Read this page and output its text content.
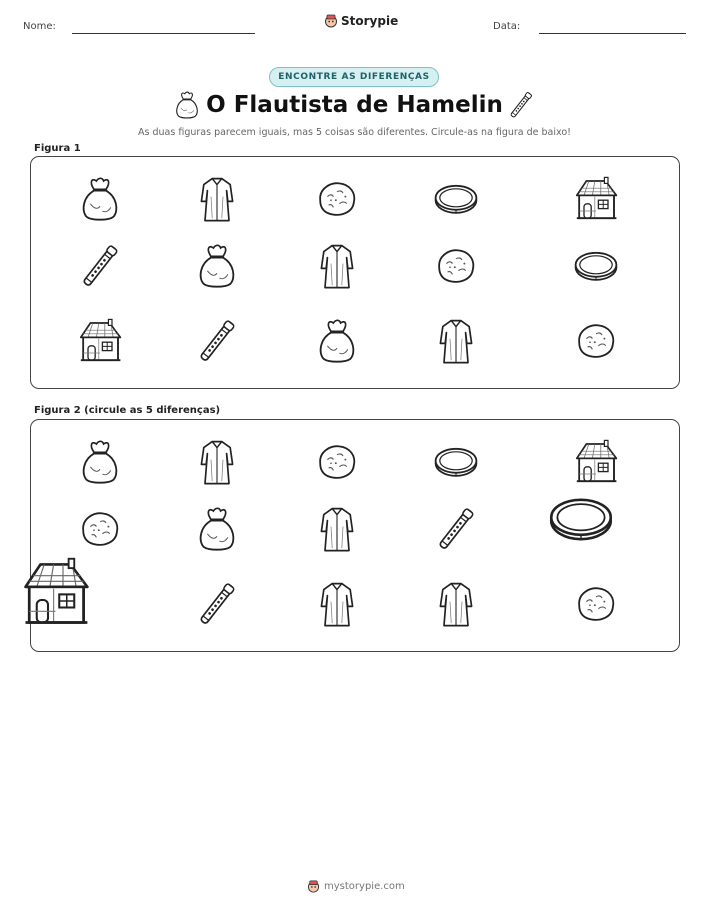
Nome:	Storypie	Data:
ENCONTRE AS DIFERENÇAS
O Flautista de Hamelin
As duas figuras parecem iguais, mas 5 coisas são diferentes. Circule-as na figura de baixo!
Figura 1
Figura 2 (circule as 5 diferenças)
mystorypie.com
